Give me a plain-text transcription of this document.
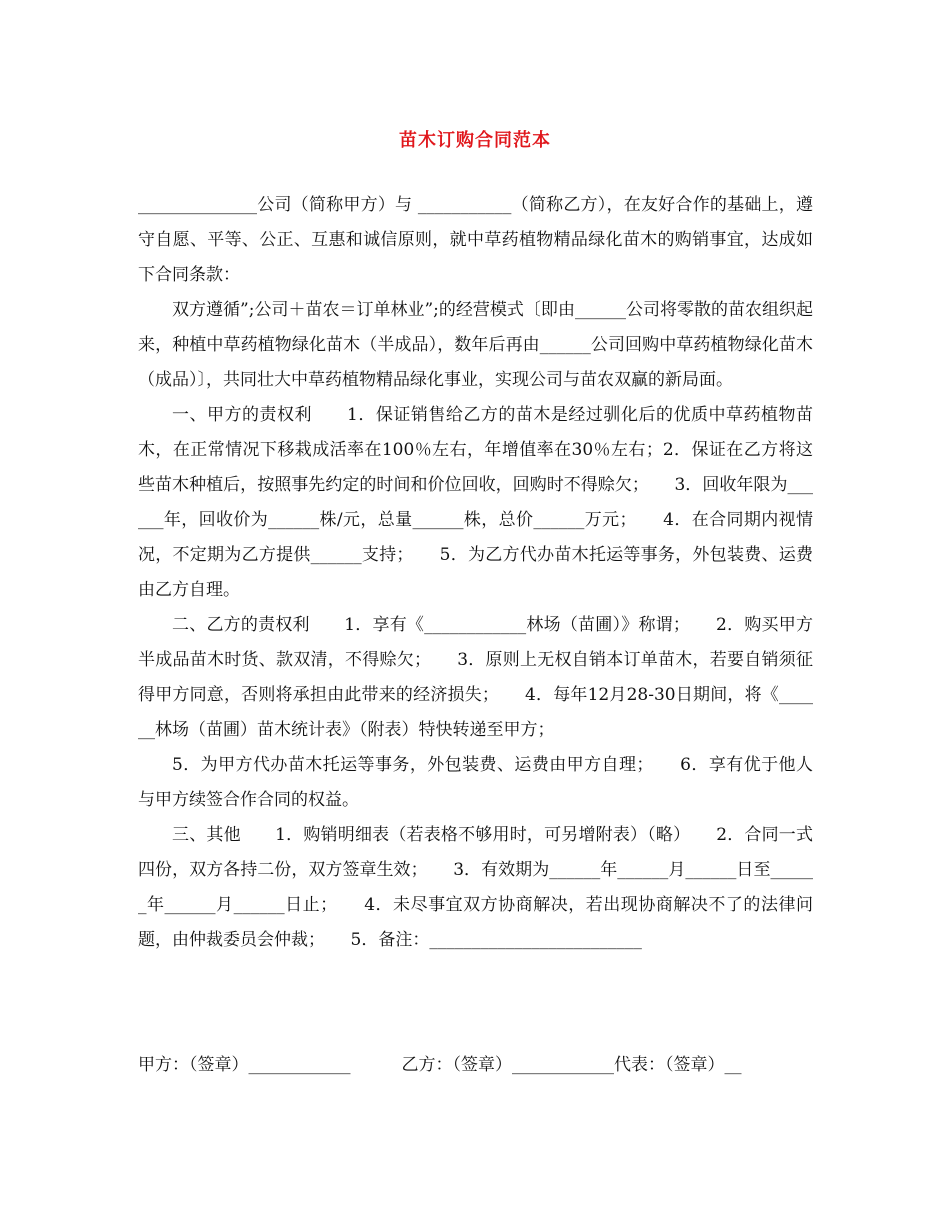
苗木订购合同范本

______________公司（简称甲方）与 ___________（简称乙方），在友好合作的基础上，遵守自愿、平等、公正、互惠和诚信原则，就中草药植物精品绿化苗木的购销事宜，达成如下合同条款：

双方遵循”;公司＋苗农＝订单林业”;的经营模式〔即由______公司将零散的苗农组织起来，种植中草药植物绿化苗木（半成品），数年后再由______公司回购中草药植物绿化苗木（成品）〕，共同壮大中草药植物精品绿化事业，实现公司与苗农双赢的新局面。

一、甲方的责权利　　1．保证销售给乙方的苗木是经过驯化后的优质中草药植物苗木，在正常情况下移栽成活率在100％左右，年增值率在30％左右；2．保证在乙方将这些苗木种植后，按照事先约定的时间和价位回收，回购时不得赊欠；　　3．回收年限为______年，回收价为______株/元，总量______株，总价______万元；　　4．在合同期内视情况，不定期为乙方提供______支持；　　5．为乙方代办苗木托运等事务，外包装费、运费由乙方自理。

二、乙方的责权利　　1．享有《____________林场（苗圃）》称谓；　　2．购买甲方半成品苗木时货、款双清，不得赊欠；　　3．原则上无权自销本订单苗木，若要自销须征得甲方同意，否则将承担由此带来的经济损失；　　4．每年12月28-30日期间，将《______林场（苗圃）苗木统计表》（附表）特快转递至甲方；

5．为甲方代办苗木托运等事务，外包装费、运费由甲方自理；　　6．享有优于他人与甲方续签合作合同的权益。

三、其他　　1．购销明细表（若表格不够用时，可另增附表）（略）　　2．合同一式四份，双方各持二份，双方签章生效；　　3．有效期为______年______月______日至______年______月______日止；　　4．未尽事宜双方协商解决，若出现协商解决不了的法律问题，由仲裁委员会仲裁；　　5．备注：_________________________

甲方：（签章）____________　　　乙方：（签章）____________代表：（签章）__
